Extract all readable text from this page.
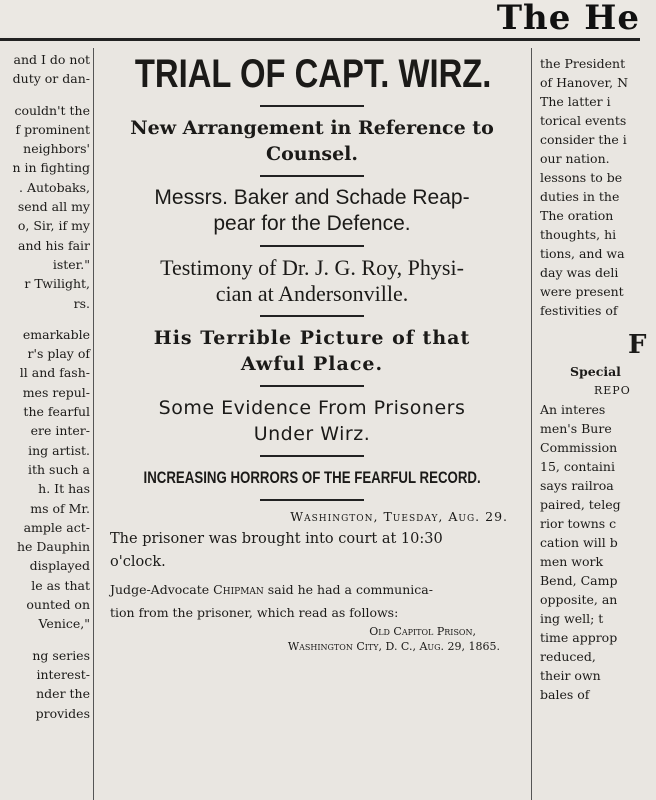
The He
and I do not
duty or dan-
couldn't the
f prominent
neighbors'
n in fighting
. Autobaks,
send all my
o, Sir, if my
and his fair
ister."
r Twilight,
rs.
emarkable
r's play of
ll and fash-
mes repul-
the fearful
ere inter-
ing artist.
ith such a
h. It has
ms of Mr.
ample act-
he Dauphin
displayed
le as that
ounted on
Venice,"
ng series
interest-
nder the
provides
TRIAL OF CAPT. WIRZ.
New Arrangement in Reference to
Counsel.
Messrs. Baker and Schade Reap-
pear for the Defence.
Testimony of Dr. J. G. Roy, Physi-
cian at Andersonville.
His Terrible Picture of that
Awful Place.
Some Evidence From Prisoners
Under Wirz.
INCREASING HORRORS OF THE FEARFUL RECORD.
Washington, Tuesday, Aug. 29.
The prisoner was brought into court at 10:30
o'clock.
Judge-Advocate Chipman said he had a communica-
tion from the prisoner, which read as follows:
Old Capitol Prison,
Washington City, D. C., Aug. 29, 1865.
the President
of Hanover, N
The latter i
torical events
consider the i
our nation.
lessons to be
duties in the
The oration
thoughts, hi
tions, and wa
day was deli
were present
festivities of
F
Special
REPO
An interes
men's Bure
Commission
15, containi
says railroa
paired, teleg
rior towns c
cation will b
men work
Bend, Camp
opposite, an
ing well; t
time approp
reduced,
their own
bales of
